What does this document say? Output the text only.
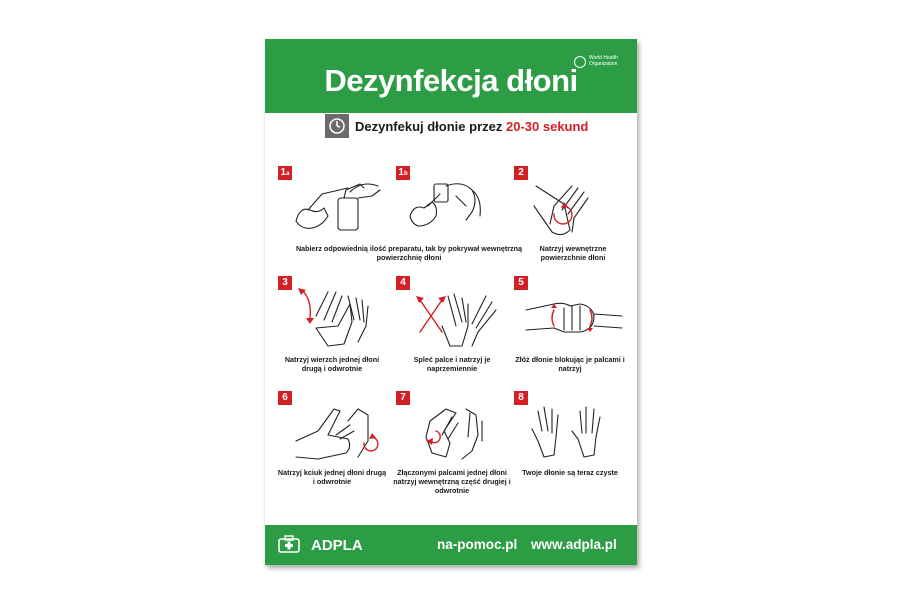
Dezynfekcja dłoni
World Health Organization
Dezynfekuj dłonie przez 20-30 sekund
1a	1b	2
Nabierz odpowiednią ilość preparatu, tak by pokrywał wewnętrzną powierzchnię dłoni
Natrzyj wewnętrzne powierzchnie dłoni
3	4	5
Natrzyj wierzch jednej dłoni drugą i odwrotnie
Spleć palce i natrzyj je naprzemiennie
Złóż dłonie blokując je palcami i natrzyj
6	7	8
Natrzyj kciuk jednej dłoni drugą i odwrotnie
Złączonymi palcami jednej dłoni natrzyj wewnętrzną część drugiej i odwrotnie
Twoje dłonie są teraz czyste
ADPLA	na-pomoc.pl www.adpla.pl
